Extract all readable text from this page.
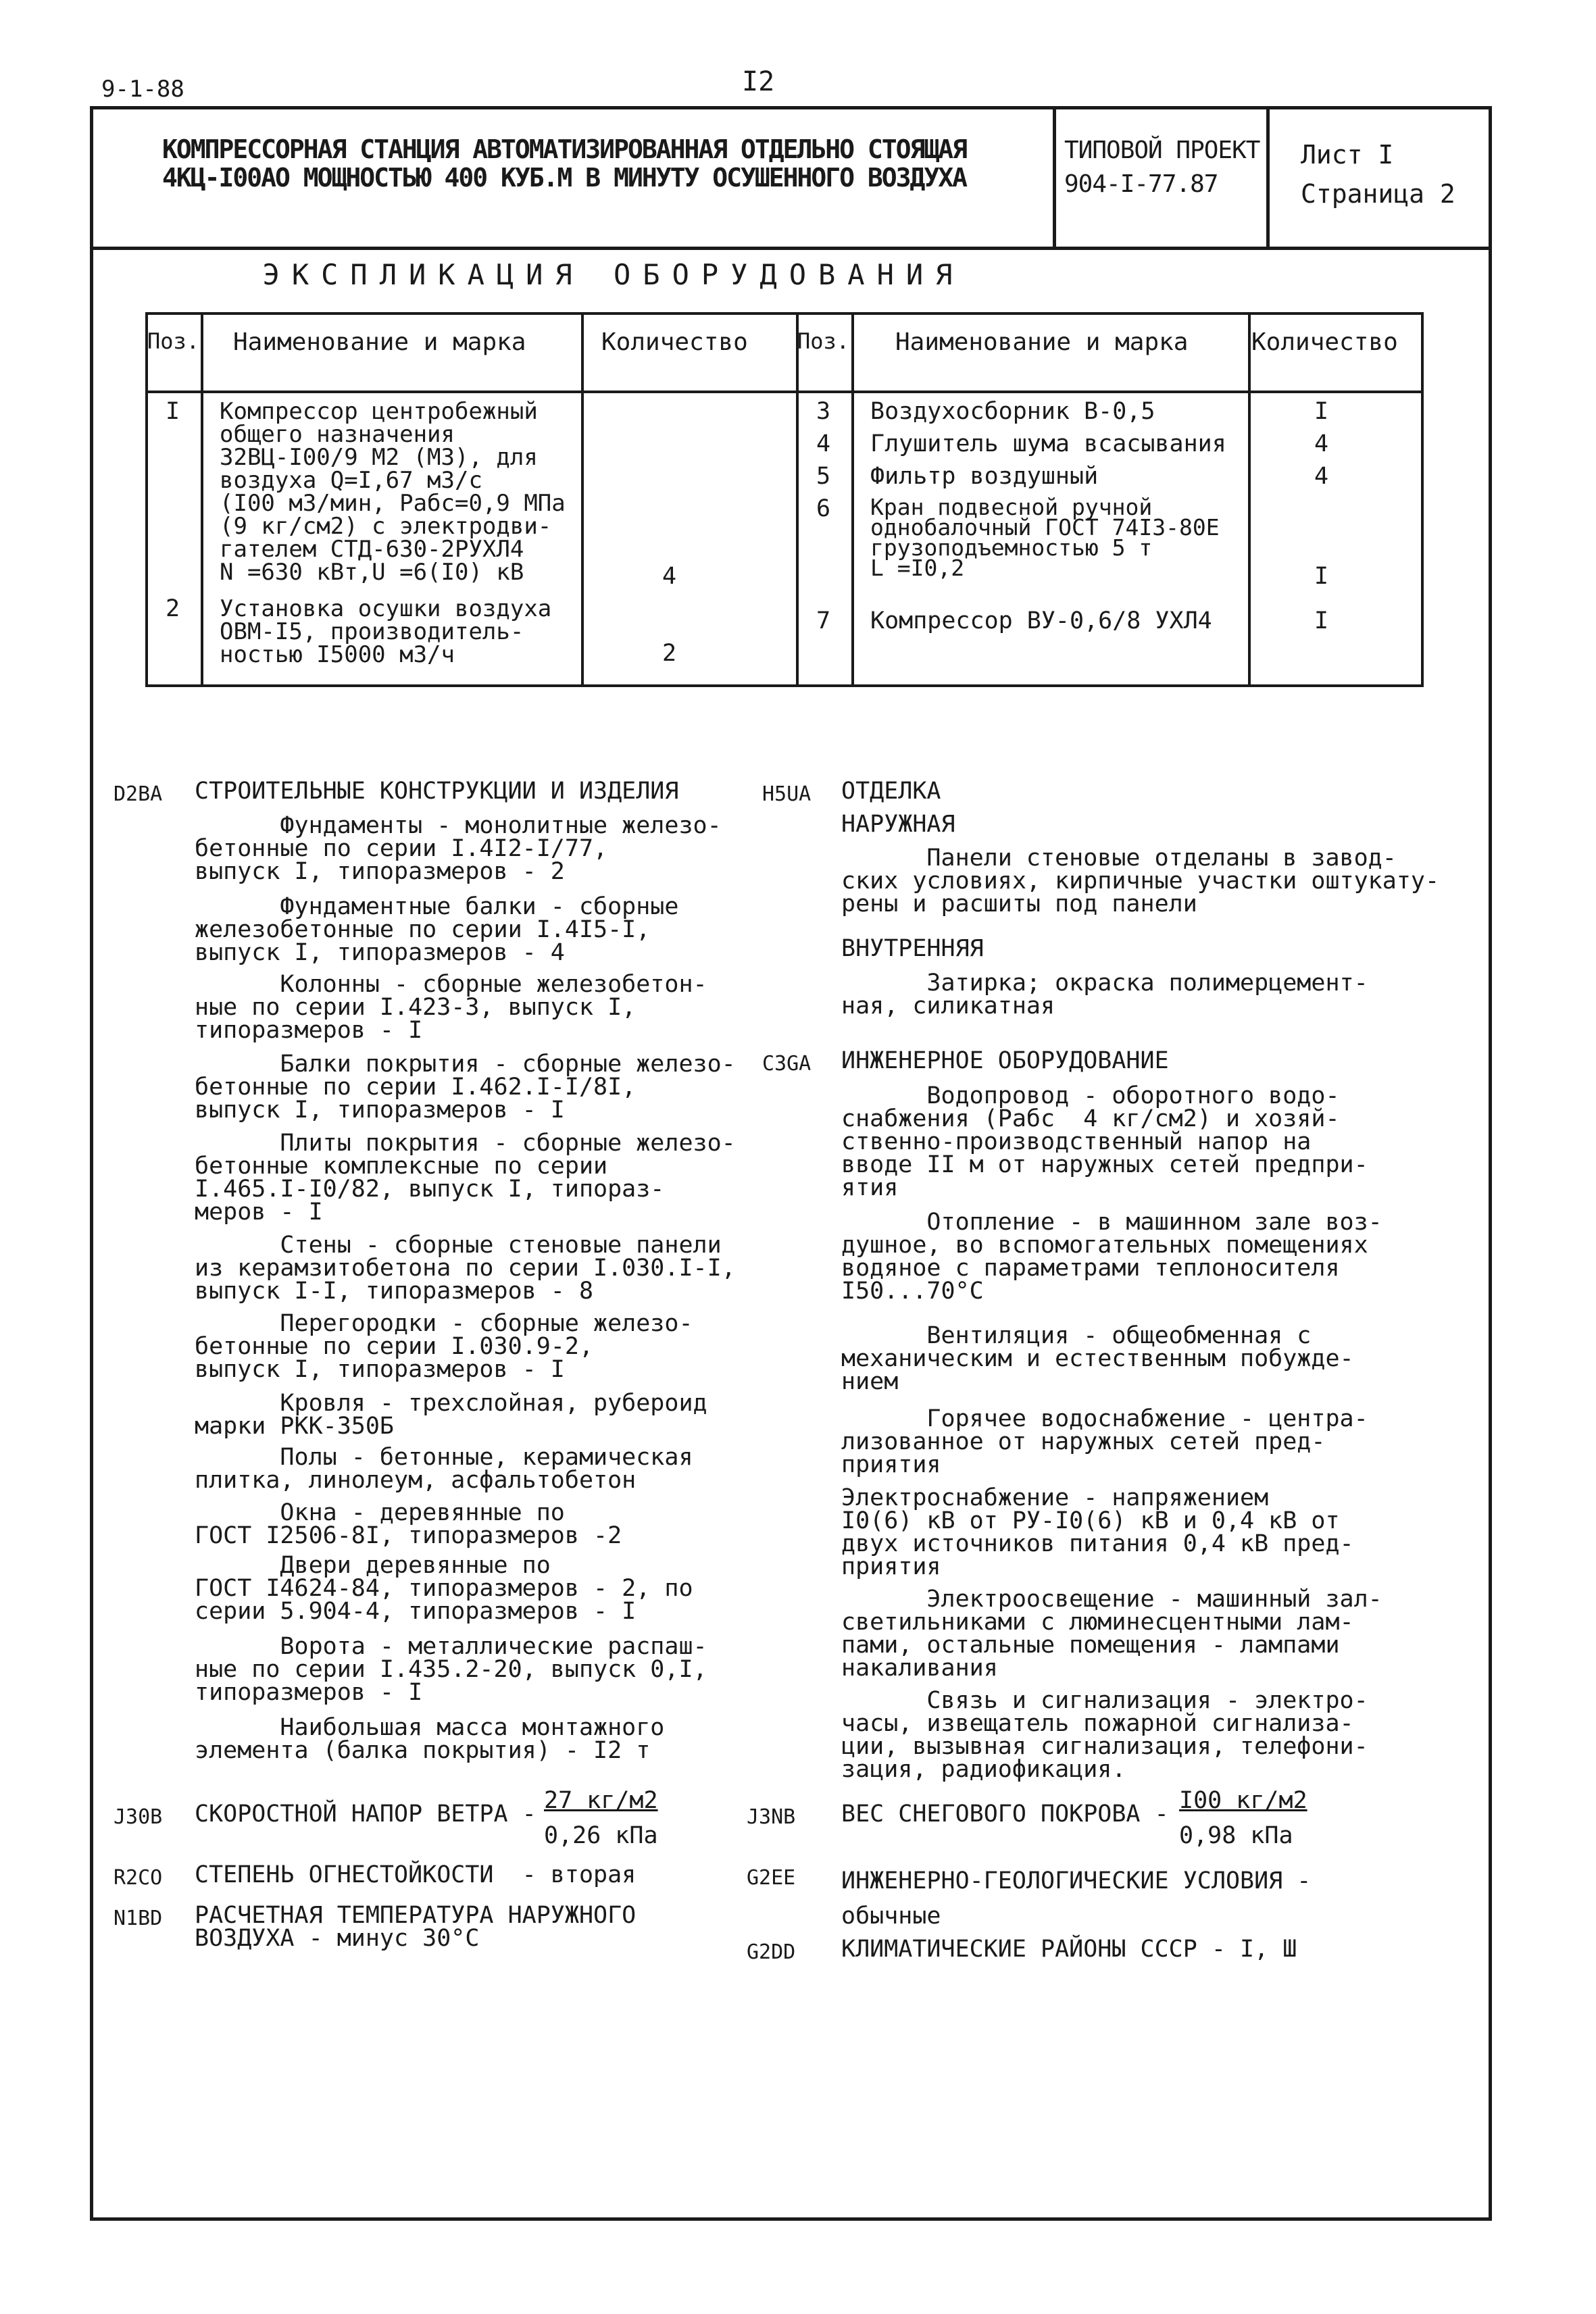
9-1-88	I2
КОМПРЕССОРНАЯ СТАНЦИЯ АВТОМАТИЗИРОВАННАЯ ОТДЕЛЬНО СТОЯЩАЯ
4КЦ-I00АО МОЩНОСТЬЮ 400 КУБ.М В МИНУТУ ОСУШЕННОГО ВОЗДУХА
ТИПОВОЙ ПРОЕКТ
904-I-77.87
Лист I
Страница 2
ЭКСПЛИКАЦИЯ ОБОРУДОВАНИЯ
Поз. Наименование и марка	Количество Поз. Наименование и марка	Количество
I Компрессор центробежный
общего назначения
32ВЦ-I00/9 М2 (М3), для
воздуха Q=I,67 м3/с
(I00 м3/мин, Pабс=0,9 МПа
(9 кг/см2) с электродви-
гателем СТД-630-2РУХЛ4
N =630 кВт,U =6(I0) кВ	4
2 Установка осушки воздуха
ОВМ-I5, производитель-
ностью I5000 м3/ч	2
3 Воздухосборник В-0,5	I
4 Глушитель шума всасывания	4
5 Фильтр воздушный	4
6 Кран подвесной ручной
однобалочный ГОСТ 74I3-80Е
грузоподъемностью 5 т
L =I0,2	I
7 Компрессор ВУ-0,6/8 УХЛ4	I
D2BA СТРОИТЕЛЬНЫЕ КОНСТРУКЦИИ И ИЗДЕЛИЯ
Фундаменты - монолитные железо-
бетонные по серии I.4I2-I/77,
выпуск I, типоразмеров - 2
Фундаментные балки - сборные
железобетонные по серии I.4I5-I,
выпуск I, типоразмеров - 4
Колонны - сборные железобетон-
ные по серии I.423-3, выпуск I,
типоразмеров - I
Балки покрытия - сборные железо-
бетонные по серии I.462.I-I/8I,
выпуск I, типоразмеров - I
Плиты покрытия - сборные железо-
бетонные комплексные по серии
I.465.I-I0/82, выпуск I, типораз-
меров - I
Стены - сборные стеновые панели
из керамзитобетона по серии I.030.I-I,
выпуск I-I, типоразмеров - 8
Перегородки - сборные железо-
бетонные по серии I.030.9-2,
выпуск I, типоразмеров - I
Кровля - трехслойная, рубероид
марки РКК-350Б
Полы - бетонные, керамическая
плитка, линолеум, асфальтобетон
Окна - деревянные по
ГОСТ I2506-8I, типоразмеров -2
Двери деревянные по
ГОСТ I4624-84, типоразмеров - 2, по
серии 5.904-4, типоразмеров - I
Ворота - металлические распаш-
ные по серии I.435.2-20, выпуск 0,I,
типоразмеров - I
Наибольшая масса монтажного
элемента (балка покрытия) - I2 т
H5UA ОТДЕЛКА
НАРУЖНАЯ
Панели стеновые отделаны в завод-
ских условиях, кирпичные участки оштукату-
рены и расшиты под панели
ВНУТРЕННЯЯ
Затирка; окраска полимерцемент-
ная, силикатная
C3GA ИНЖЕНЕРНОЕ ОБОРУДОВАНИЕ
Водопровод - оборотного водо-
снабжения (Pабс  4 кг/см2) и хозяй-
ственно-производственный напор на
вводе II м от наружных сетей предпри-
ятия
Отопление - в машинном зале воз-
душное, во вспомогательных помещениях
водяное с параметрами теплоносителя
I50...70°С
Вентиляция - общеобменная с
механическим и естественным побужде-
нием
Горячее водоснабжение - центра-
лизованное от наружных сетей пред-
приятия
Электроснабжение - напряжением
I0(6) кВ от РУ-I0(6) кВ и 0,4 кВ от
двух источников питания 0,4 кВ пред-
приятия
Электроосвещение - машинный зал-
светильниками с люминесцентными лам-
пами, остальные помещения - лампами
накаливания
Связь и сигнализация - электро-
часы, извещатель пожарной сигнализа-
ции, вызывная сигнализация, телефони-
зация, радиофикация.
J30B СКОРОСТНОЙ НАПОР ВЕТРА - 27 кг/м2
0,26 кПа
J3NB ВЕС СНЕГОВОГО ПОКРОВА - I00 кг/м2
0,98 кПа
R2CO СТЕПЕНЬ ОГНЕСТОЙКОСТИ  - вторая	G2EE ИНЖЕНЕРНО-ГЕОЛОГИЧЕСКИЕ УСЛОВИЯ -
обычные
N1BD РАСЧЕТНАЯ ТЕМПЕРАТУРА НАРУЖНОГО
ВОЗДУХА - минус 30°С
G2DD КЛИМАТИЧЕСКИЕ РАЙОНЫ СССР - I, Ш
